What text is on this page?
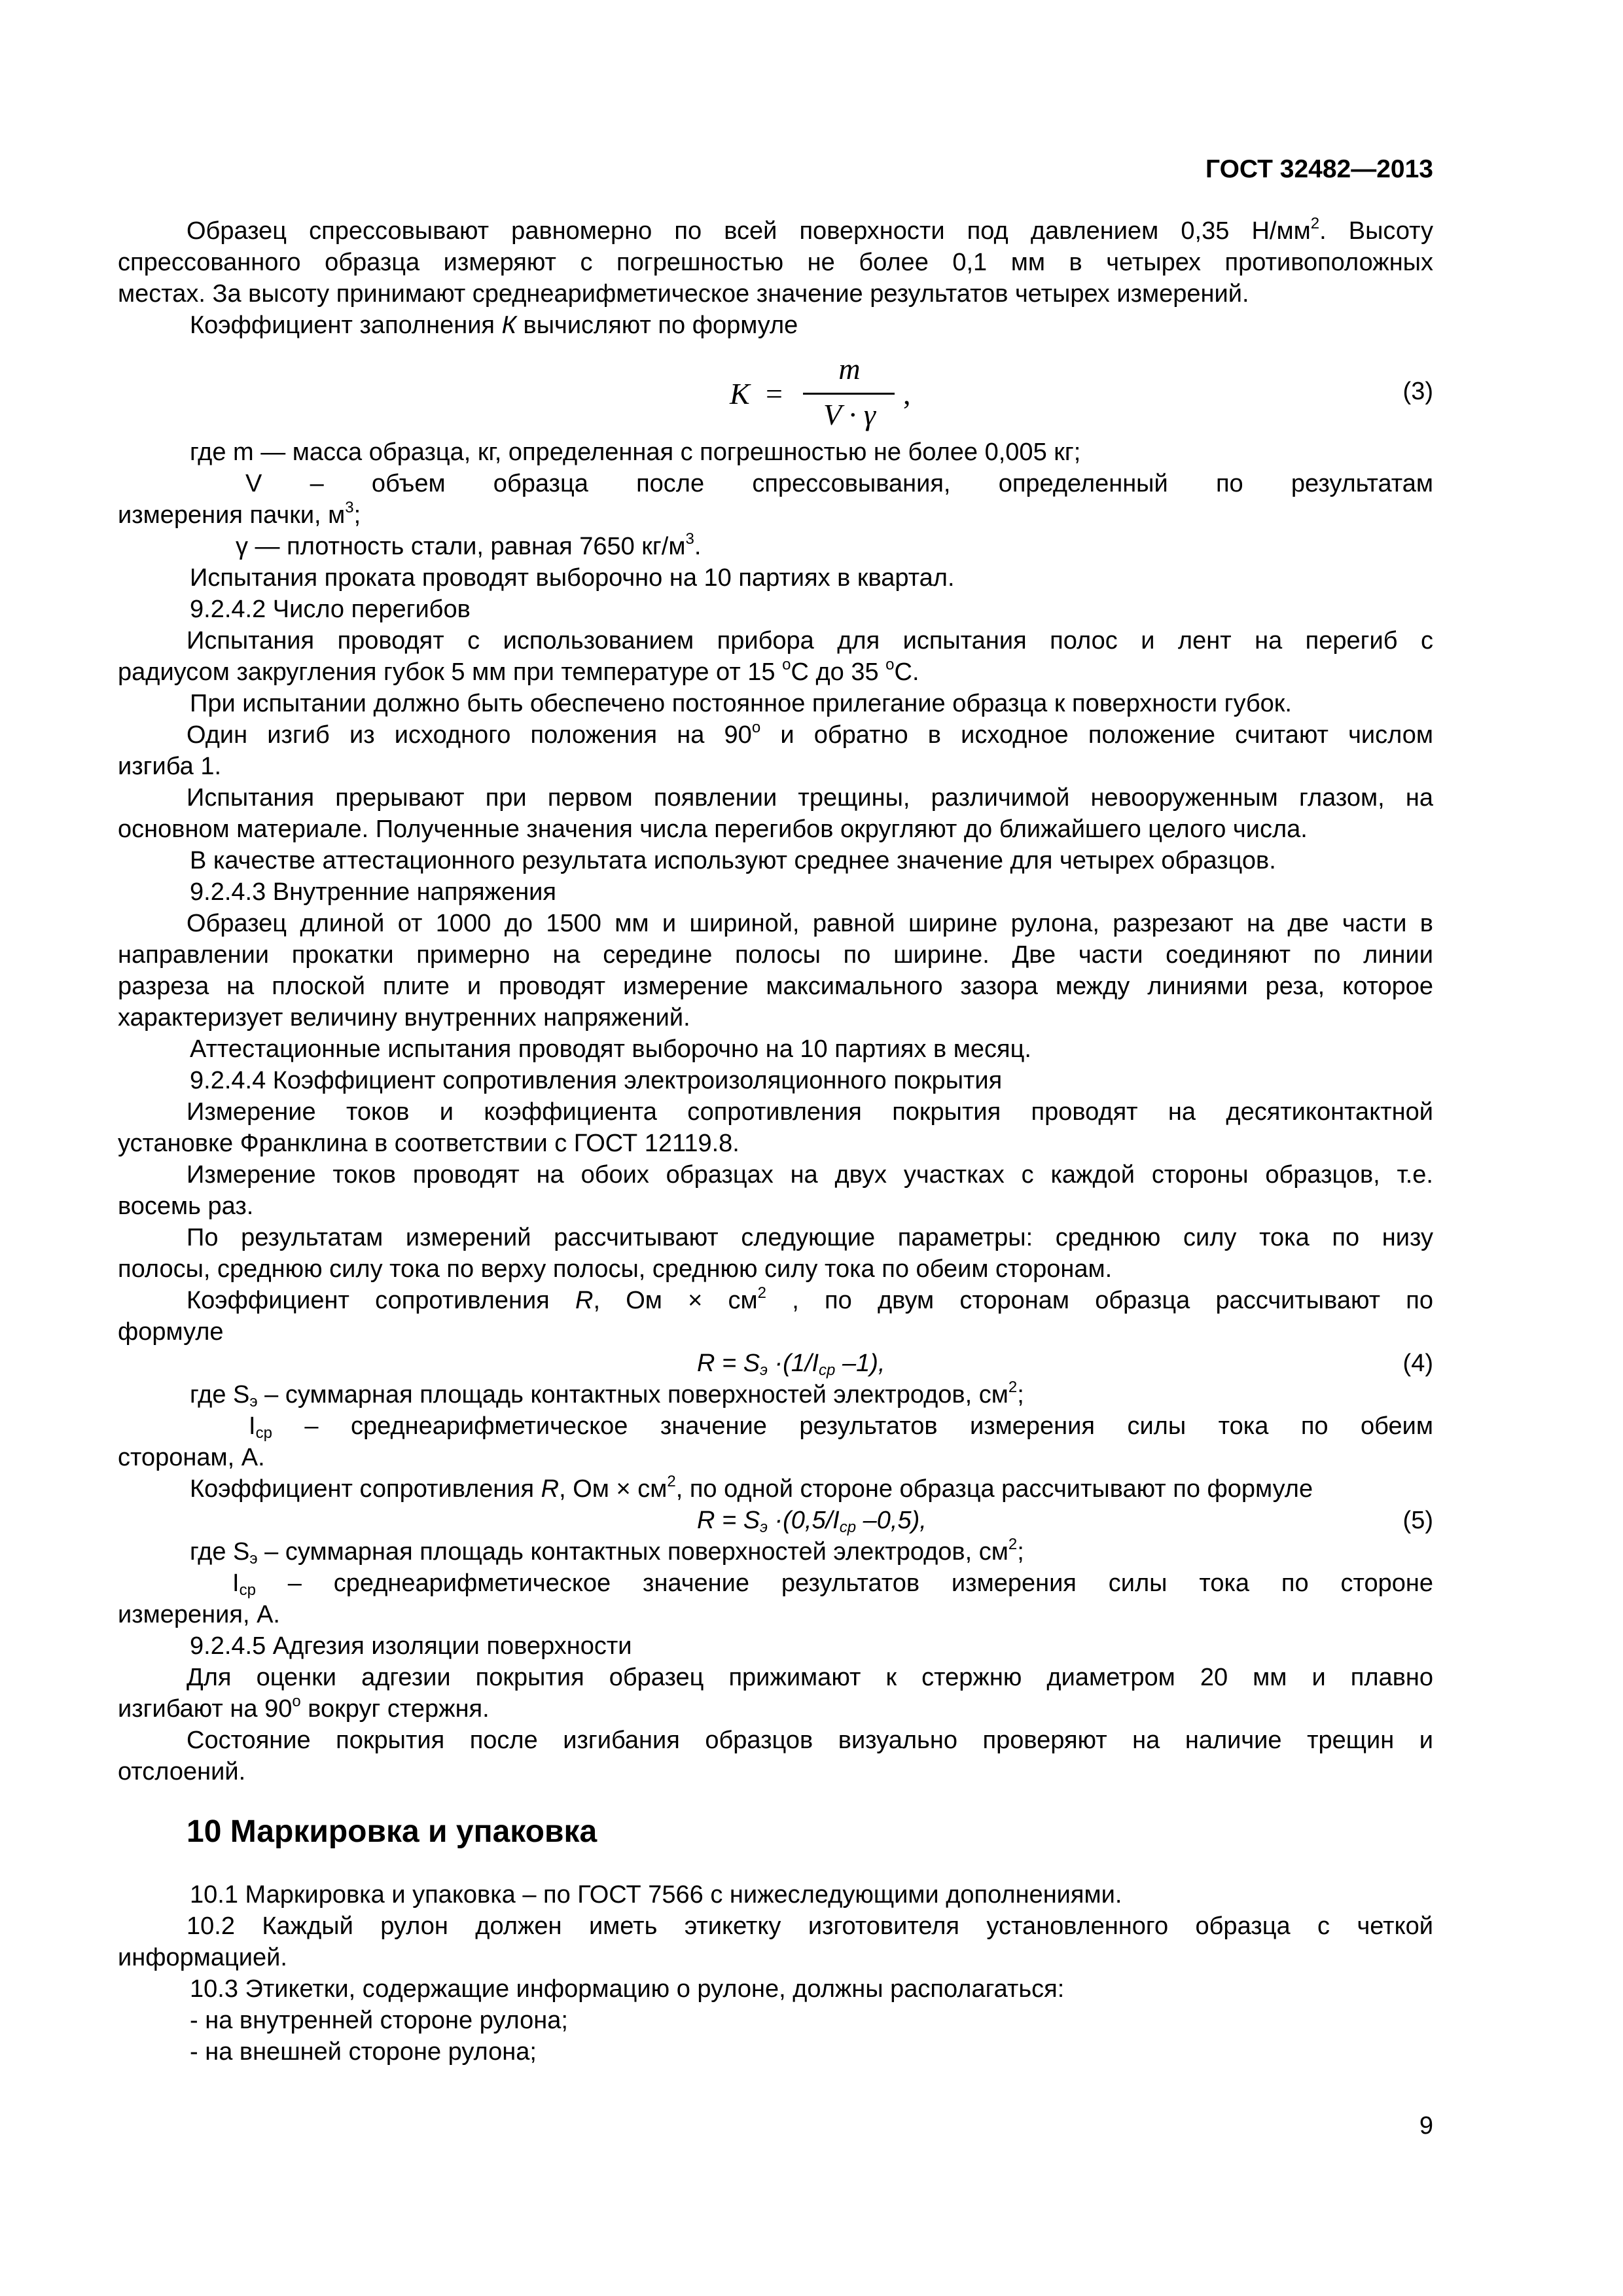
ГОСТ 32482—2013
Образец спрессовывают равномерно по всей поверхности под давлением 0,35 $Н/мм^2$. Высоту
спрессованного образца измеряют с погрешностью не более 0,1 мм в четырех противоположных
местах. За высоту принимают среднеарифметическое значение результатов четырех измерений.
Коэффициент заполнения К вычисляют по формуле
K =
m
V · γ
,	(3)
где m — масса образца, кг, определенная с погрешностью не более 0,005 кг;
V – объем образца после спрессовывания, определенный по результатам
измерения пачки, $м^3$;
γ — плотность стали, равная 7650 $кг/м^3$.
Испытания проката проводят выборочно на 10 партиях в квартал.
9.2.4.2 Число перегибов
Испытания проводят с использованием прибора для испытания полос и лент на перегиб с
радиусом закругления губок 5 мм при температуре от 15 $^о$С до 35 $^о$С.
При испытании должно быть обеспечено постоянное прилегание образца к поверхности губок.
Один изгиб из исходного положения на $90^о$ и обратно в исходное положение считают числом
изгиба 1.
Испытания прерывают при первом появлении трещины, различимой невооруженным глазом, на
основном материале. Полученные значения числа перегибов округляют до ближайшего целого числа.
В качестве аттестационного результата используют среднее значение для четырех образцов.
9.2.4.3 Внутренние напряжения
Образец длиной от 1000 до 1500 мм и шириной, равной ширине рулона, разрезают на две части в
направлении прокатки примерно на середине полосы по ширине. Две части соединяют по линии
разреза на плоской плите и проводят измерение максимального зазора между линиями реза, которое
характеризует величину внутренних напряжений.
Аттестационные испытания проводят выборочно на 10 партиях в месяц.
9.2.4.4 Коэффициент сопротивления электроизоляционного покрытия
Измерение токов и коэффициента сопротивления покрытия проводят на десятиконтактной
установке Франклина в соответствии с ГОСТ 12119.8.
Измерение токов проводят на обоих образцах на двух участках с каждой стороны образцов, т.е.
восемь раз.
По результатам измерений рассчитывают следующие параметры: среднюю силу тока по низу
полосы, среднюю силу тока по верху полосы, среднюю силу тока по обеим сторонам.
Коэффициент сопротивления R, Ом × $см^2$ , по двум сторонам образца рассчитывают по
формуле
$R = S_э \cdot(1/I_{ср}$ –1),	(4)
где $S_э$ – суммарная площадь контактных поверхностей электродов, $см^2$;
$I_{ср}$ – среднеарифметическое значение результатов измерения силы тока по обеим
сторонам, А.
Коэффициент сопротивления R, Ом × $см^2$, по одной стороне образца рассчитывают по формуле
$R = S_э \cdot(0,5/I_{ср}$ –0,5),	(5)
где $S_э$ – суммарная площадь контактных поверхностей электродов, $см^2$;
$I_{ср}$ – среднеарифметическое значение результатов измерения силы тока по стороне
измерения, А.
9.2.4.5 Адгезия изоляции поверхности
Для оценки адгезии покрытия образец прижимают к стержню диаметром 20 мм и плавно
изгибают на $90^о$ вокруг стержня.
Состояние покрытия после изгибания образцов визуально проверяют на наличие трещин и
отслоений.
10 Маркировка и упаковка
10.1 Маркировка и упаковка – по ГОСТ 7566 с нижеследующими дополнениями.
10.2 Каждый рулон должен иметь этикетку изготовителя установленного образца с четкой
информацией.
10.3 Этикетки, содержащие информацию о рулоне, должны располагаться:
- на внутренней стороне рулона;
- на внешней стороне рулона;
9
